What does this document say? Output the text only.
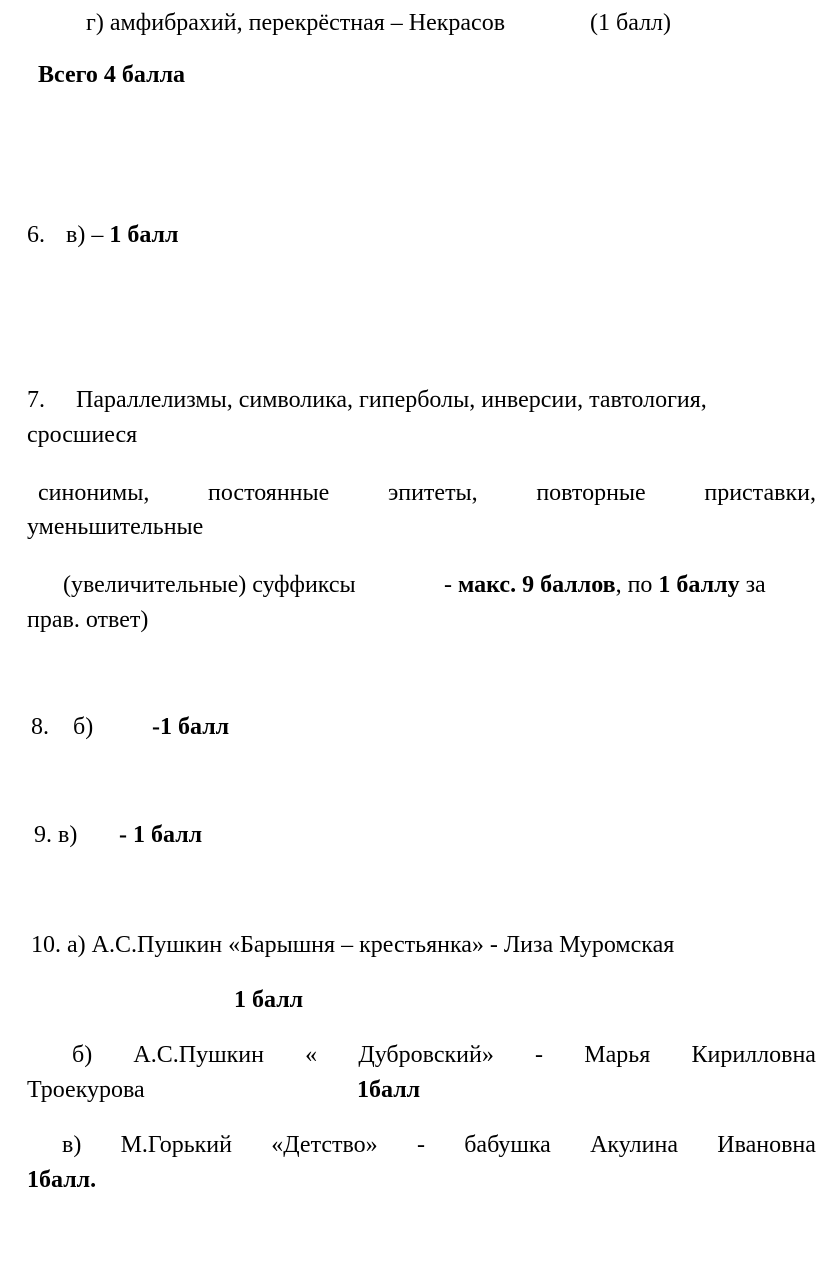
г) амфибрахий, перекрёстная – Некрасов	(1 балл)
Всего 4 балла
6. в) – 1 балл
7. Параллелизмы, символика, гиперболы, инверсии, тавтология,
сросшиеся
синонимы, постоянные эпитеты, повторные приставки,
уменьшительные
(увеличительные) суффиксы	- макс. 9 баллов, по 1 баллу за
прав. ответ)
8. б) -1 балл
9. в) - 1 балл
10. а) А.С.Пушкин «Барышня – крестьянка» - Лиза Муромская
1 балл
б) А.С.Пушкин « Дубровский» - Марья Кирилловна
Троекурова	1балл
в) М.Горький «Детство» - бабушка Акулина Ивановна
1балл.
